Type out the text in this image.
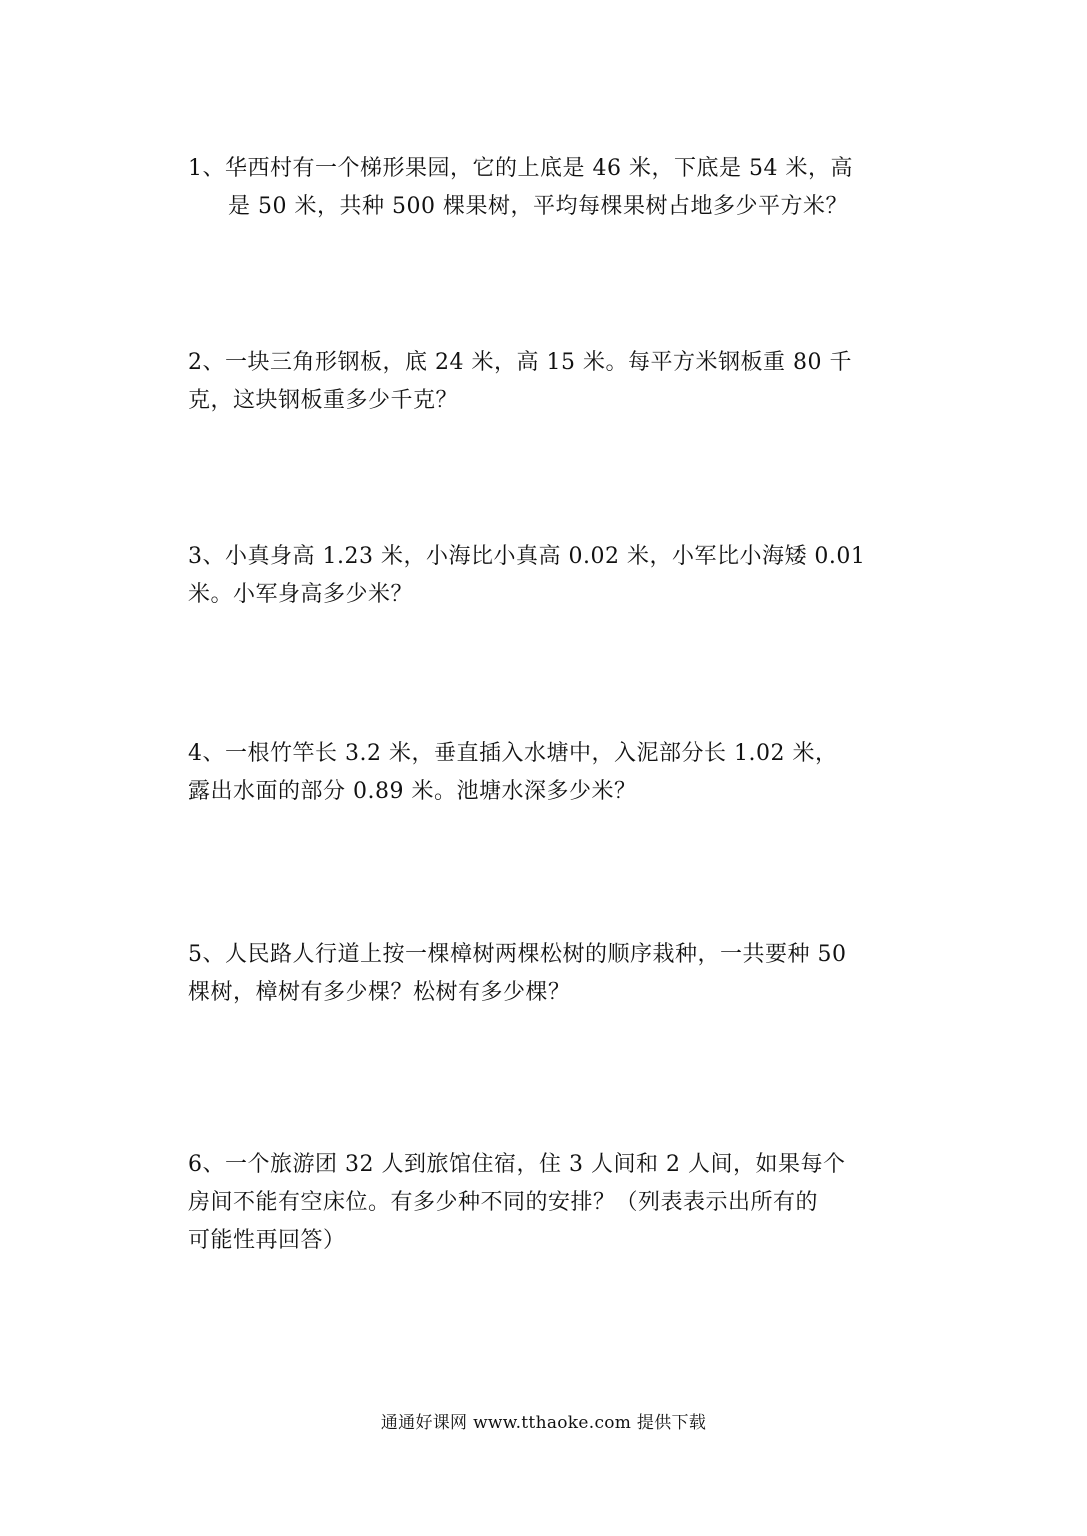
1、华西村有一个梯形果园，它的上底是 46 米，下底是 54 米，高
是 50 米，共种 500 棵果树，平均每棵果树占地多少平方米？
2、一块三角形钢板，底 24 米，高 15 米。每平方米钢板重 80 千
克，这块钢板重多少千克？
3、小真身高 1.23 米，小海比小真高 0.02 米，小军比小海矮 0.01
米。小军身高多少米？
4、一根竹竿长 3.2 米，垂直插入水塘中，入泥部分长 1.02 米，
露出水面的部分 0.89 米。池塘水深多少米？
5、人民路人行道上按一棵樟树两棵松树的顺序栽种，一共要种 50
棵树，樟树有多少棵？松树有多少棵？
6、一个旅游团 32 人到旅馆住宿，住 3 人间和 2 人间，如果每个
房间不能有空床位。有多少种不同的安排？（列表表示出所有的
可能性再回答）
通通好课网 www.tthaoke.com 提供下载
